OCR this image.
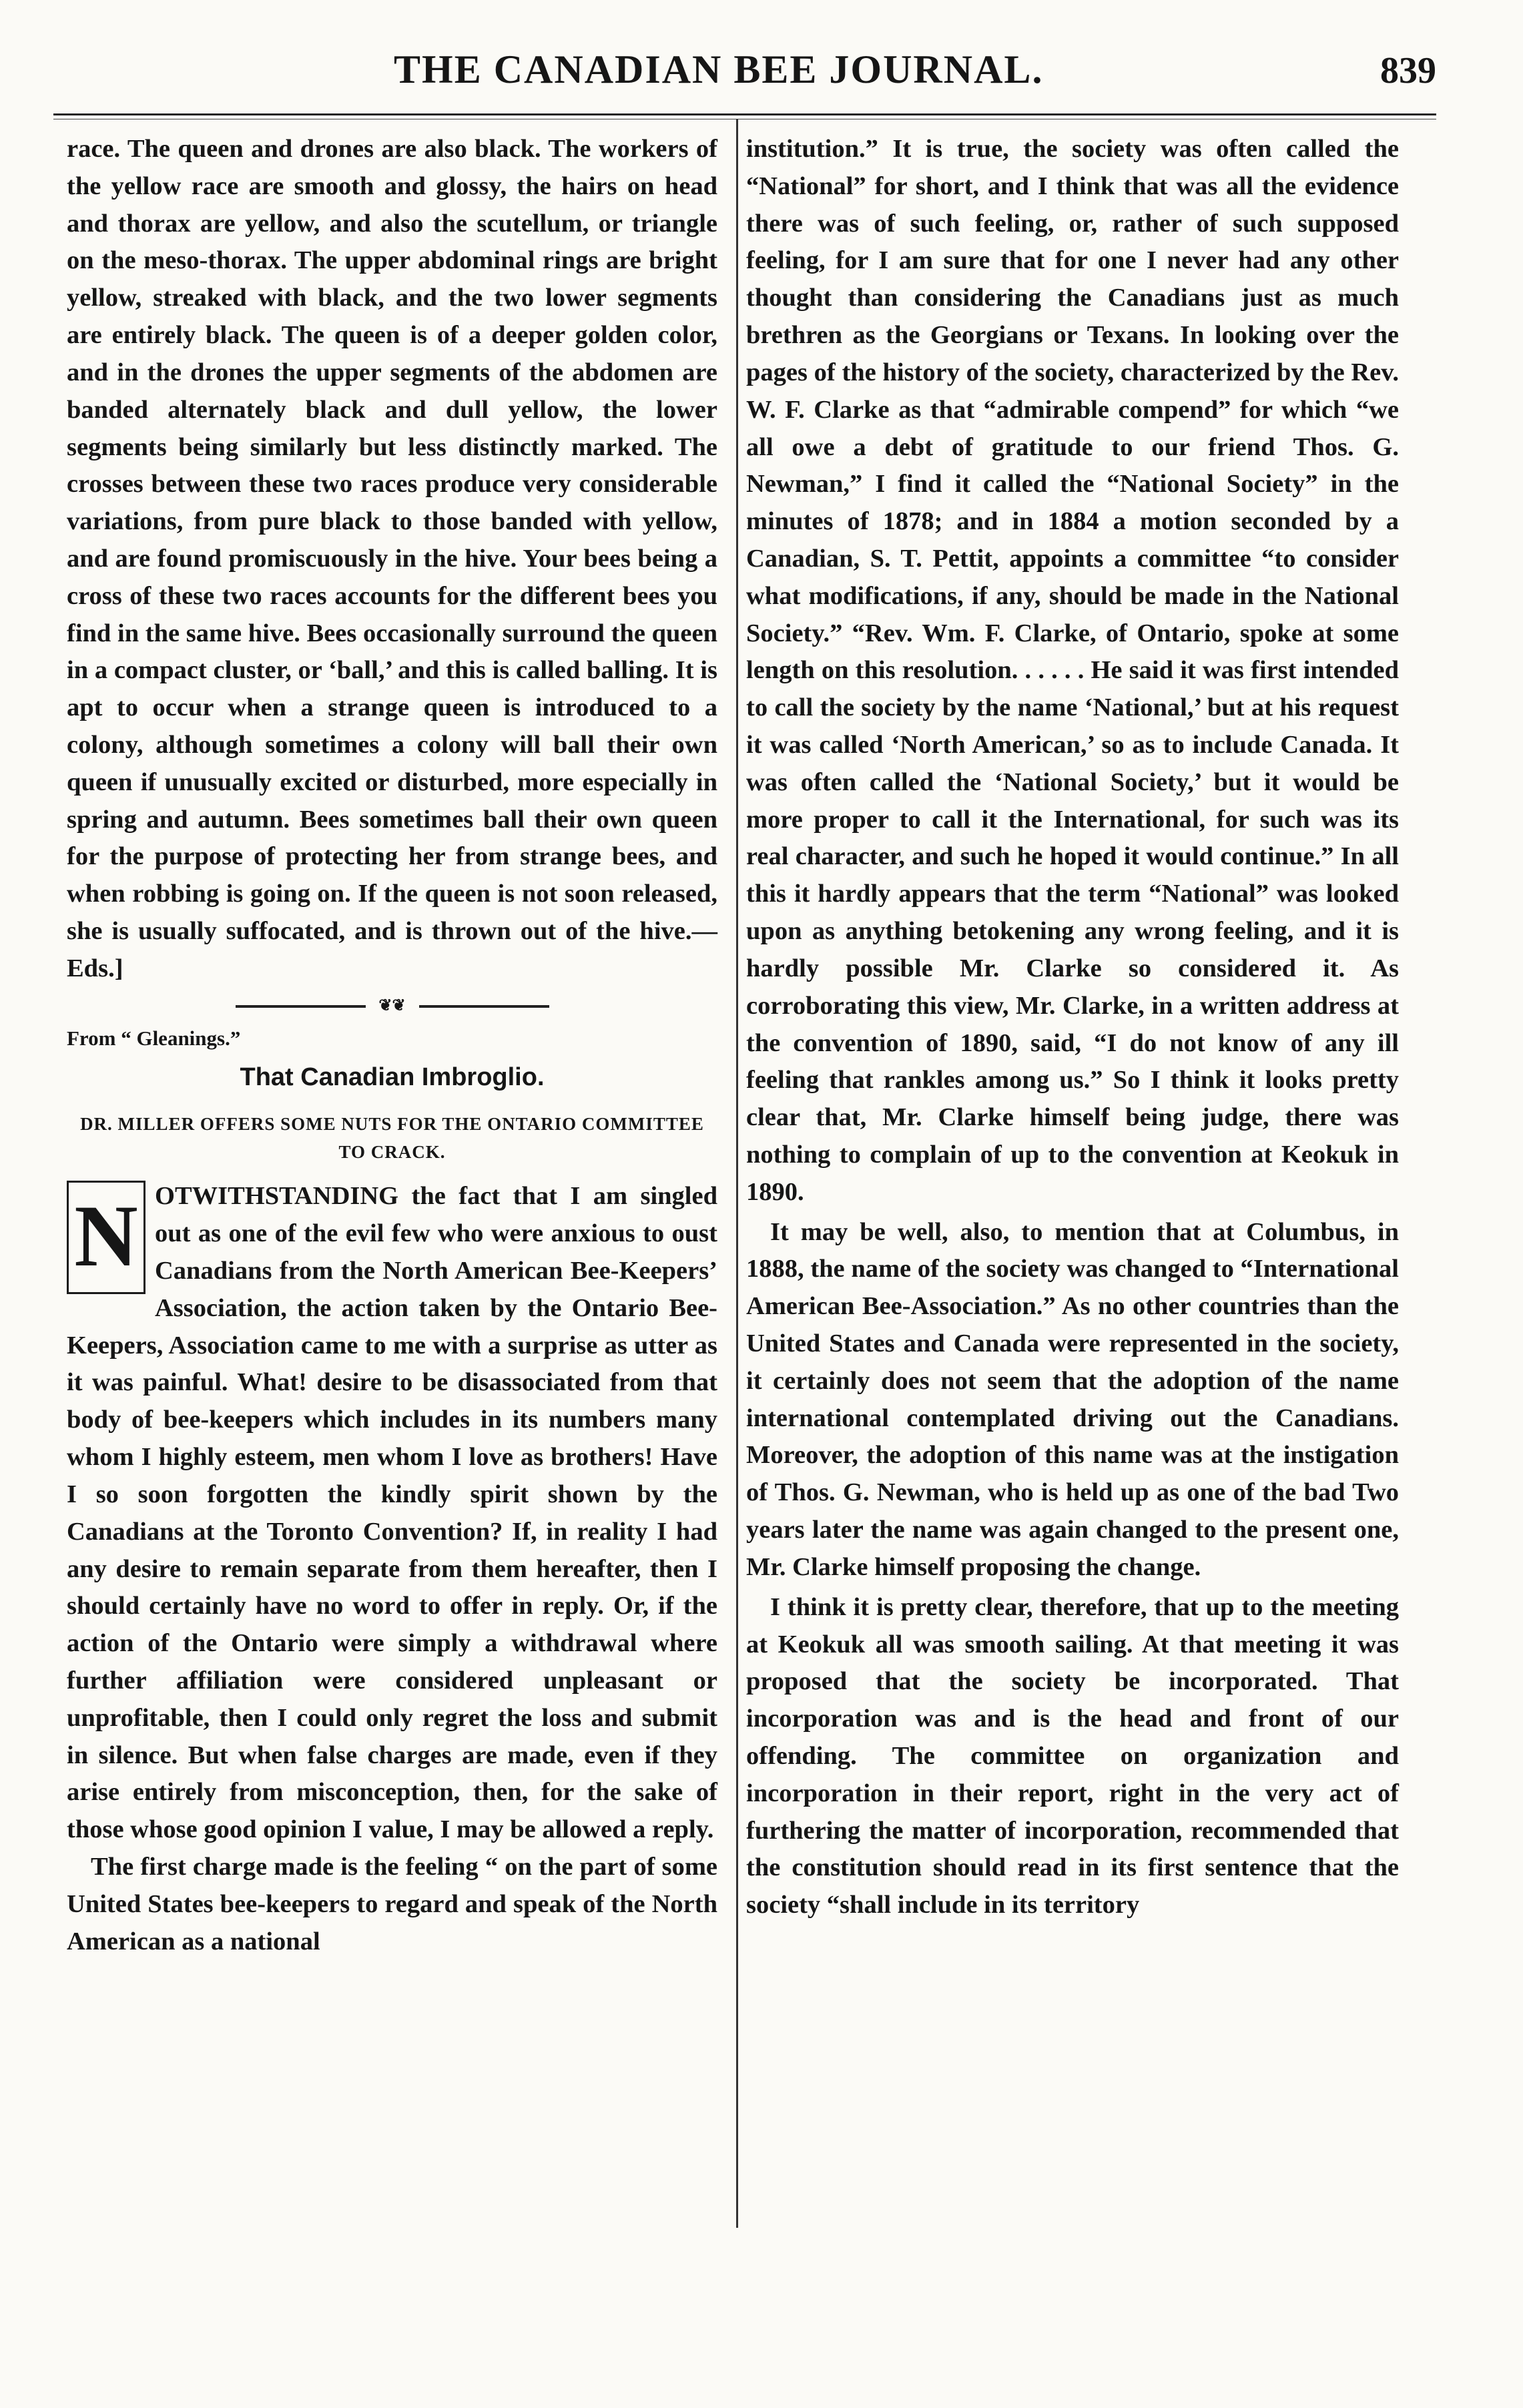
THE CANADIAN BEE JOURNAL.	839

race. The queen and drones are also black. The workers of the yellow race are smooth and glossy, the hairs on head and thorax are yellow, and also the scutellum, or triangle on the meso-thorax. The upper abdominal rings are bright yellow, streaked with black, and the two lower segments are entirely black. The queen is of a deeper golden color, and in the drones the upper segments of the abdomen are banded alternately black and dull yellow, the lower segments being similarly but less distinctly marked. The crosses between these two races produce very considerable variations, from pure black to those banded with yellow, and are found promiscuously in the hive. Your bees being a cross of these two races accounts for the different bees you find in the same hive. Bees occasionally surround the queen in a compact cluster, or ‘ball,’ and this is called balling. It is apt to occur when a strange queen is introduced to a colony, although sometimes a colony will ball their own queen if unusually excited or disturbed, more especially in spring and autumn. Bees sometimes ball their own queen for the purpose of protecting her from strange bees, and when robbing is going on. If the queen is not soon released, she is usually suffocated, and is thrown out of the hive.—Eds.]

❦❦
From “ Gleanings.”
That Canadian Imbroglio.
DR. MILLER OFFERS SOME NUTS FOR THE ONTARIO COMMITTEE TO CRACK.
N OTWITHSTANDING the fact that I am singled out as one of the evil few who were anxious to oust Canadians from the North American Bee-Keepers’ Association, the action taken by the Ontario Bee-Keepers, Association came to me with a surprise as utter as it was painful. What! desire to be disassociated from that body of bee-keepers which includes in its numbers many whom I highly esteem, men whom I love as brothers! Have I so soon forgotten the kindly spirit shown by the Canadians at the Toronto Convention? If, in reality I had any desire to remain separate from them hereafter, then I should certainly have no word to offer in reply. Or, if the action of the Ontario were simply a withdrawal where further affiliation were considered unpleasant or unprofitable, then I could only regret the loss and submit in silence. But when false charges are made, even if they arise entirely from misconception, then, for the sake of those whose good opinion I value, I may be allowed a reply.

The first charge made is the feeling “ on the part of some United States bee-keepers to regard and speak of the North American as a national

institution.” It is true, the society was often called the “National” for short, and I think that was all the evidence there was of such feeling, or, rather of such supposed feeling, for I am sure that for one I never had any other thought than considering the Canadians just as much brethren as the Georgians or Texans. In looking over the pages of the history of the society, characterized by the Rev. W. F. Clarke as that “admirable compend” for which “we all owe a debt of gratitude to our friend Thos. G. Newman,” I find it called the “National Society” in the minutes of 1878; and in 1884 a motion seconded by a Canadian, S. T. Pettit, appoints a committee “to consider what modifications, if any, should be made in the National Society.” “Rev. Wm. F. Clarke, of Ontario, spoke at some length on this resolution. . . . . . He said it was first intended to call the society by the name ‘National,’ but at his request it was called ‘North American,’ so as to include Canada. It was often called the ‘National Society,’ but it would be more proper to call it the International, for such was its real character, and such he hoped it would continue.” In all this it hardly appears that the term “National” was looked upon as anything betokening any wrong feeling, and it is hardly possible Mr. Clarke so considered it. As corroborating this view, Mr. Clarke, in a written address at the convention of 1890, said, “I do not know of any ill feeling that rankles among us.” So I think it looks pretty clear that, Mr. Clarke himself being judge, there was nothing to complain of up to the convention at Keokuk in 1890.

It may be well, also, to mention that at Columbus, in 1888, the name of the society was changed to “International American Bee-Association.” As no other countries than the United States and Canada were represented in the society, it certainly does not seem that the adoption of the name international contemplated driving out the Canadians. Moreover, the adoption of this name was at the instigation of Thos. G. Newman, who is held up as one of the bad Two years later the name was again changed to the present one, Mr. Clarke himself proposing the change.

I think it is pretty clear, therefore, that up to the meeting at Keokuk all was smooth sailing. At that meeting it was proposed that the society be incorporated. That incorporation was and is the head and front of our offending. The committee on organization and incorporation in their report, right in the very act of furthering the matter of incorporation, recommended that the constitution should read in its first sentence that the society “shall include in its territory
